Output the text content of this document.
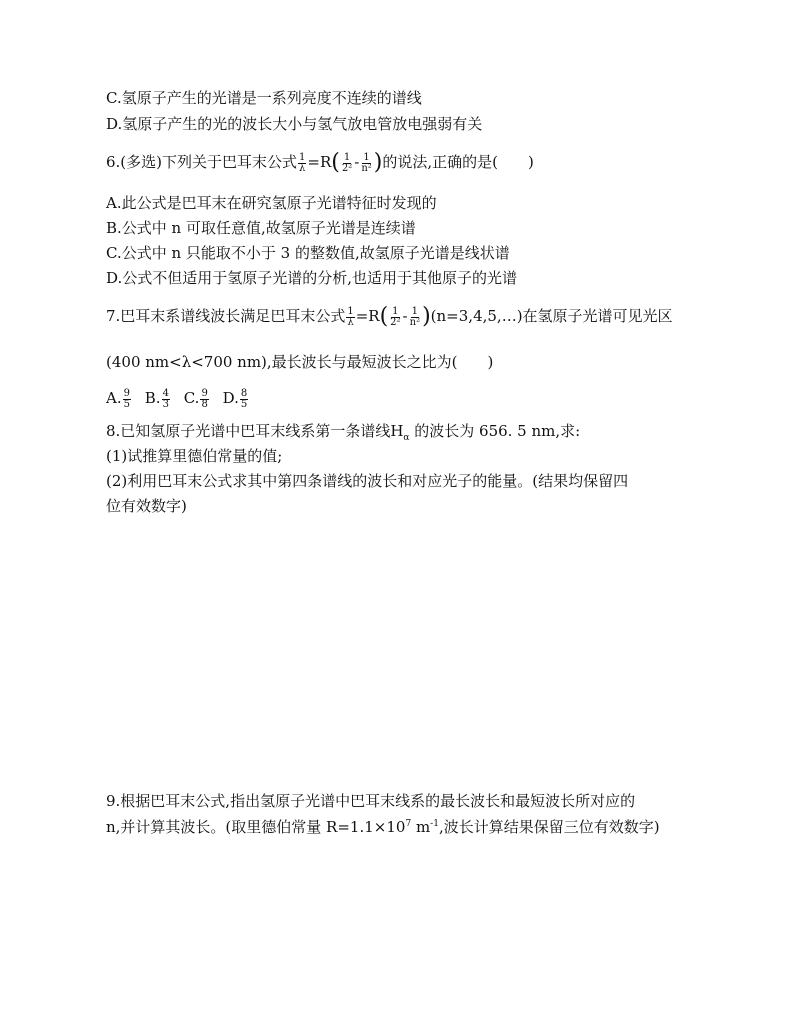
C.氢原子产生的光谱是一系列亮度不连续的谱线
D.氢原子产生的光的波长大小与氢气放电管放电强弱有关
6.(多选)下列关于巴耳末公式 $\frac{1}{\lambda} =R( \frac{1}{\text{2²}} - \frac{1}{\text{n²}}$ )的说法,正确的是( )
A.此公式是巴耳末在研究氢原子光谱特征时发现的
B.公式中 n 可取任意值,故氢原子光谱是连续谱
C.公式中 n 只能取不小于 3 的整数值,故氢原子光谱是线状谱
D.公式不但适用于氢原子光谱的分析,也适用于其他原子的光谱
7.巴耳末系谱线波长满足巴耳末公式 $\frac{1}{\lambda} =R( \frac{1}{\text{2²}} - \frac{1}{\text{n²}}$ )(n=3,4,5,…)在氢原子光谱可见光区
(400 nm<λ<700 nm),最长波长与最短波长之比为( )
A. $\frac{9}{5} B$. $\frac{4}{3} C$. $\frac{9}{8} D$. $\frac{8}{5}$
8.已知氢原子光谱中巴耳末线系第一条谱线$H_\alpha$ 的波长为 656. 5 nm,求:
(1)试推算里德伯常量的值;
(2)利用巴耳末公式求其中第四条谱线的波长和对应光子的能量。(结果均保留四
位有效数字)
9.根据巴耳末公式,指出氢原子光谱中巴耳末线系的最长波长和最短波长所对应的
n,并计算其波长。(取里德伯常量 $R=1.1\times 10^7$ $m^{-1}$,波长计算结果保留三位有效数字)
